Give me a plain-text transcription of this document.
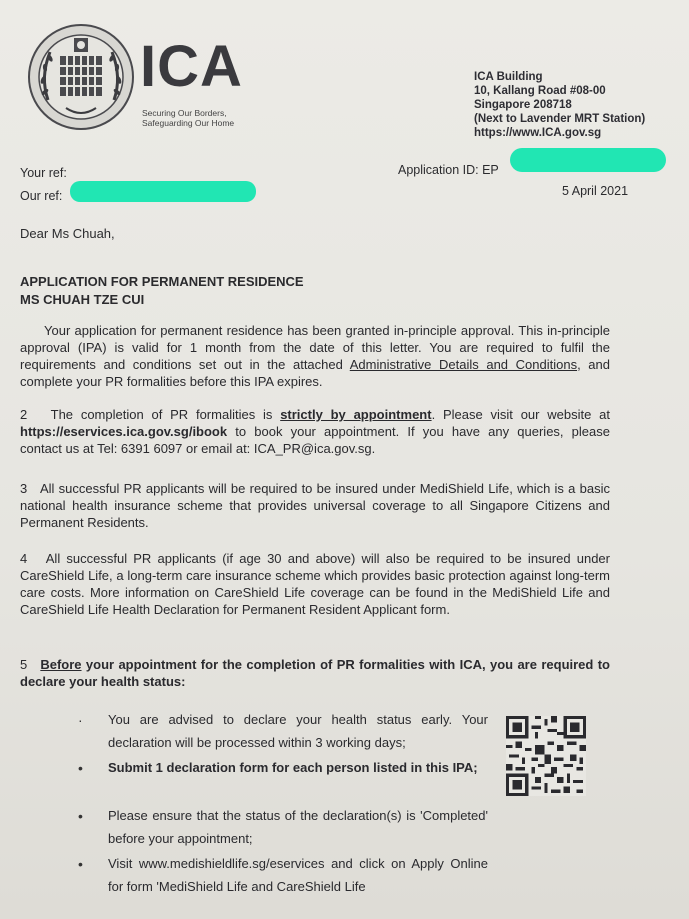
ICA
Securing Our Borders,
Safeguarding Our Home
ICA Building
10, Kallang Road #08-00
Singapore 208718
(Next to Lavender MRT Station)
https://www.ICA.gov.sg
Your ref:
Our ref:
Application ID: EP
5 April 2021
Dear Ms Chuah,
APPLICATION FOR PERMANENT RESIDENCE
MS CHUAH TZE CUI
Your application for permanent residence has been granted in-principle approval. This in-principle approval (IPA) is valid for 1 month from the date of this letter. You are required to fulfil the requirements and conditions set out in the attached Administrative Details and Conditions, and complete your PR formalities before this IPA expires.
2 The completion of PR formalities is strictly by appointment. Please visit our website at https://eservices.ica.gov.sg/ibook to book your appointment. If you have any queries, please contact us at Tel: 6391 6097 or email at: ICA_PR@ica.gov.sg.
3 All successful PR applicants will be required to be insured under MediShield Life, which is a basic national health insurance scheme that provides universal coverage to all Singapore Citizens and Permanent Residents.
4 All successful PR applicants (if age 30 and above) will also be required to be insured under CareShield Life, a long-term care insurance scheme which provides basic protection against long-term care costs. More information on CareShield Life coverage can be found in the MediShield Life and CareShield Life Health Declaration for Permanent Resident Applicant form.
5 Before your appointment for the completion of PR formalities with ICA, you are required to declare your health status:
· You are advised to declare your health status early. Your declaration will be processed within 3 working days;
• Submit 1 declaration form for each person listed in this IPA;
• Please ensure that the status of the declaration(s) is 'Completed' before your appointment;
• Visit www.medishieldlife.sg/eservices and click on Apply Online for form 'MediShield Life and CareShield Life
